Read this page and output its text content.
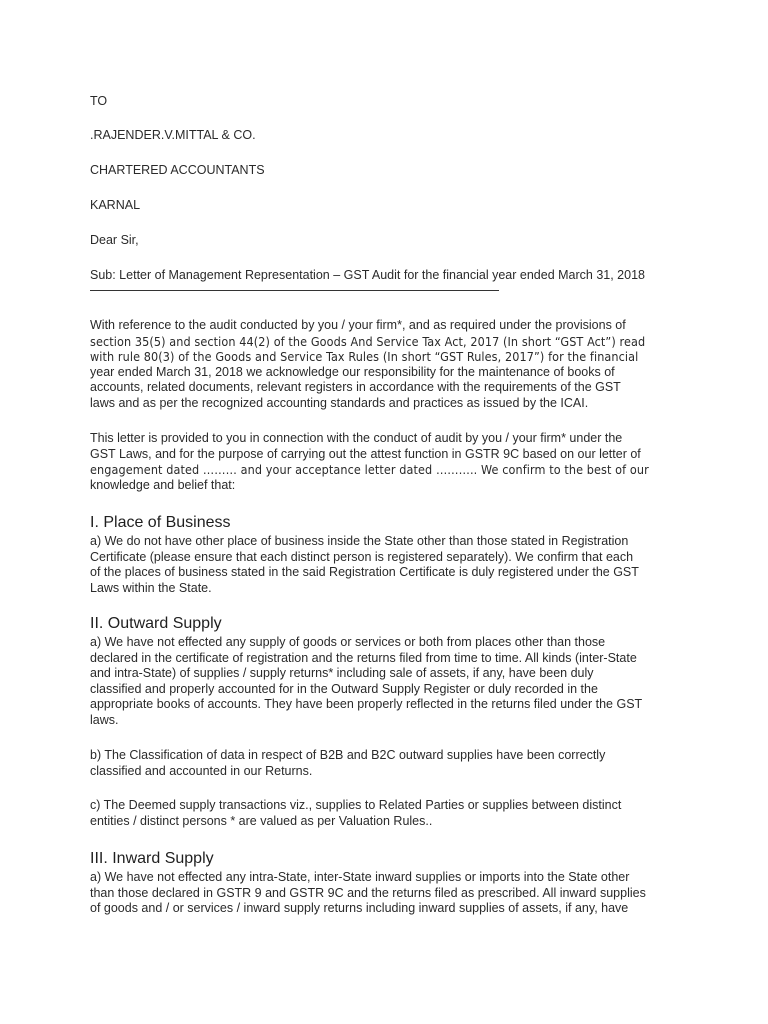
TO
.RAJENDER.V.MITTAL & CO.
CHARTERED ACCOUNTANTS
KARNAL
Dear Sir,
Sub: Letter of Management Representation – GST Audit for the financial year ended March 31, 2018
With reference to the audit conducted by you / your firm*, and as required under the provisions of
section 35(5) and section 44(2) of the Goods And Service Tax Act, 2017 (In short “GST Act”) read
with rule 80(3) of the Goods and Service Tax Rules (In short “GST Rules, 2017”) for the financial
year ended March 31, 2018 we acknowledge our responsibility for the maintenance of books of
accounts, related documents, relevant registers in accordance with the requirements of the GST
laws and as per the recognized accounting standards and practices as issued by the ICAI.
This letter is provided to you in connection with the conduct of audit by you / your firm* under the
GST Laws, and for the purpose of carrying out the attest function in GSTR 9C based on our letter of
engagement dated ……… and your acceptance letter dated ……….. We confirm to the best of our
knowledge and belief that:
I. Place of Business
a) We do not have other place of business inside the State other than those stated in Registration
Certificate (please ensure that each distinct person is registered separately). We confirm that each
of the places of business stated in the said Registration Certificate is duly registered under the GST
Laws within the State.
II. Outward Supply
a) We have not effected any supply of goods or services or both from places other than those
declared in the certificate of registration and the returns filed from time to time. All kinds (inter-State
and intra-State) of supplies / supply returns* including sale of assets, if any, have been duly
classified and properly accounted for in the Outward Supply Register or duly recorded in the
appropriate books of accounts. They have been properly reflected in the returns filed under the GST
laws.
b) The Classification of data in respect of B2B and B2C outward supplies have been correctly
classified and accounted in our Returns.
c) The Deemed supply transactions viz., supplies to Related Parties or supplies between distinct
entities / distinct persons * are valued as per Valuation Rules..
III. Inward Supply
a) We have not effected any intra-State, inter-State inward supplies or imports into the State other
than those declared in GSTR 9 and GSTR 9C and the returns filed as prescribed. All inward supplies
of goods and / or services / inward supply returns including inward supplies of assets, if any, have
